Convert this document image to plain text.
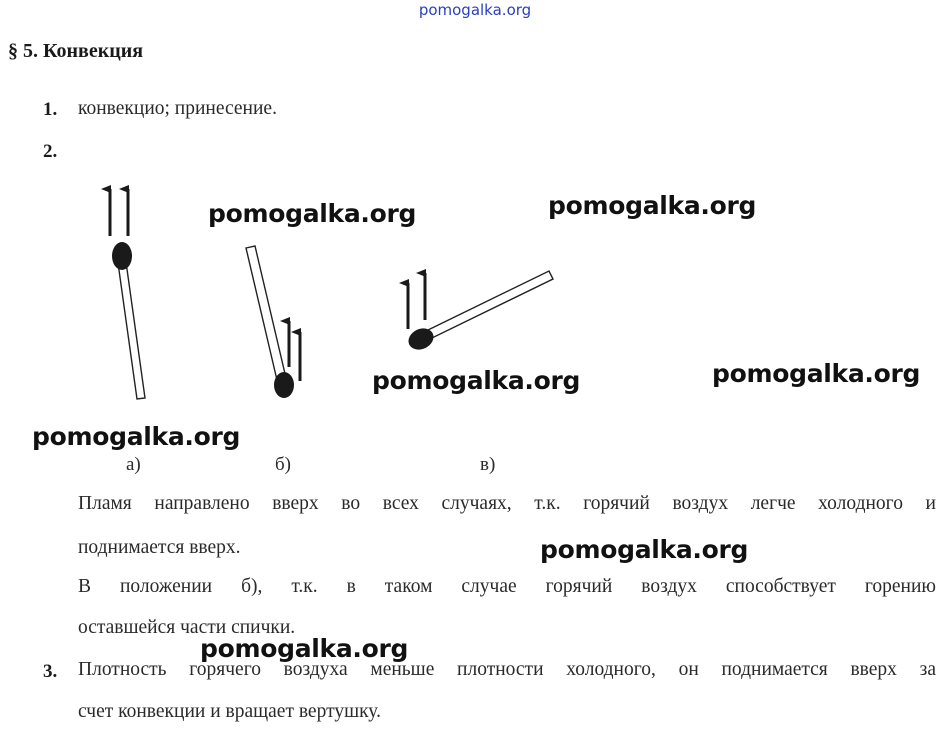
pomogalka.org
§ 5. Конвекция
1. конвекцио; принесение.
2.
а)	б)	в)
Пламя направлено вверх во всех случаях, т.к. горячий воздух легче холодного и
поднимается вверх.
В положении б), т.к. в таком случае горячий воздух способствует горению
оставшейся части спички.
3. Плотность горячего воздуха меньше плотности холодного, он поднимается вверх за
счет конвекции и вращает вертушку.
pomogalka.org	pomogalka.org
pomogalka.org	pomogalka.org
pomogalka.org
pomogalka.org
pomogalka.org
